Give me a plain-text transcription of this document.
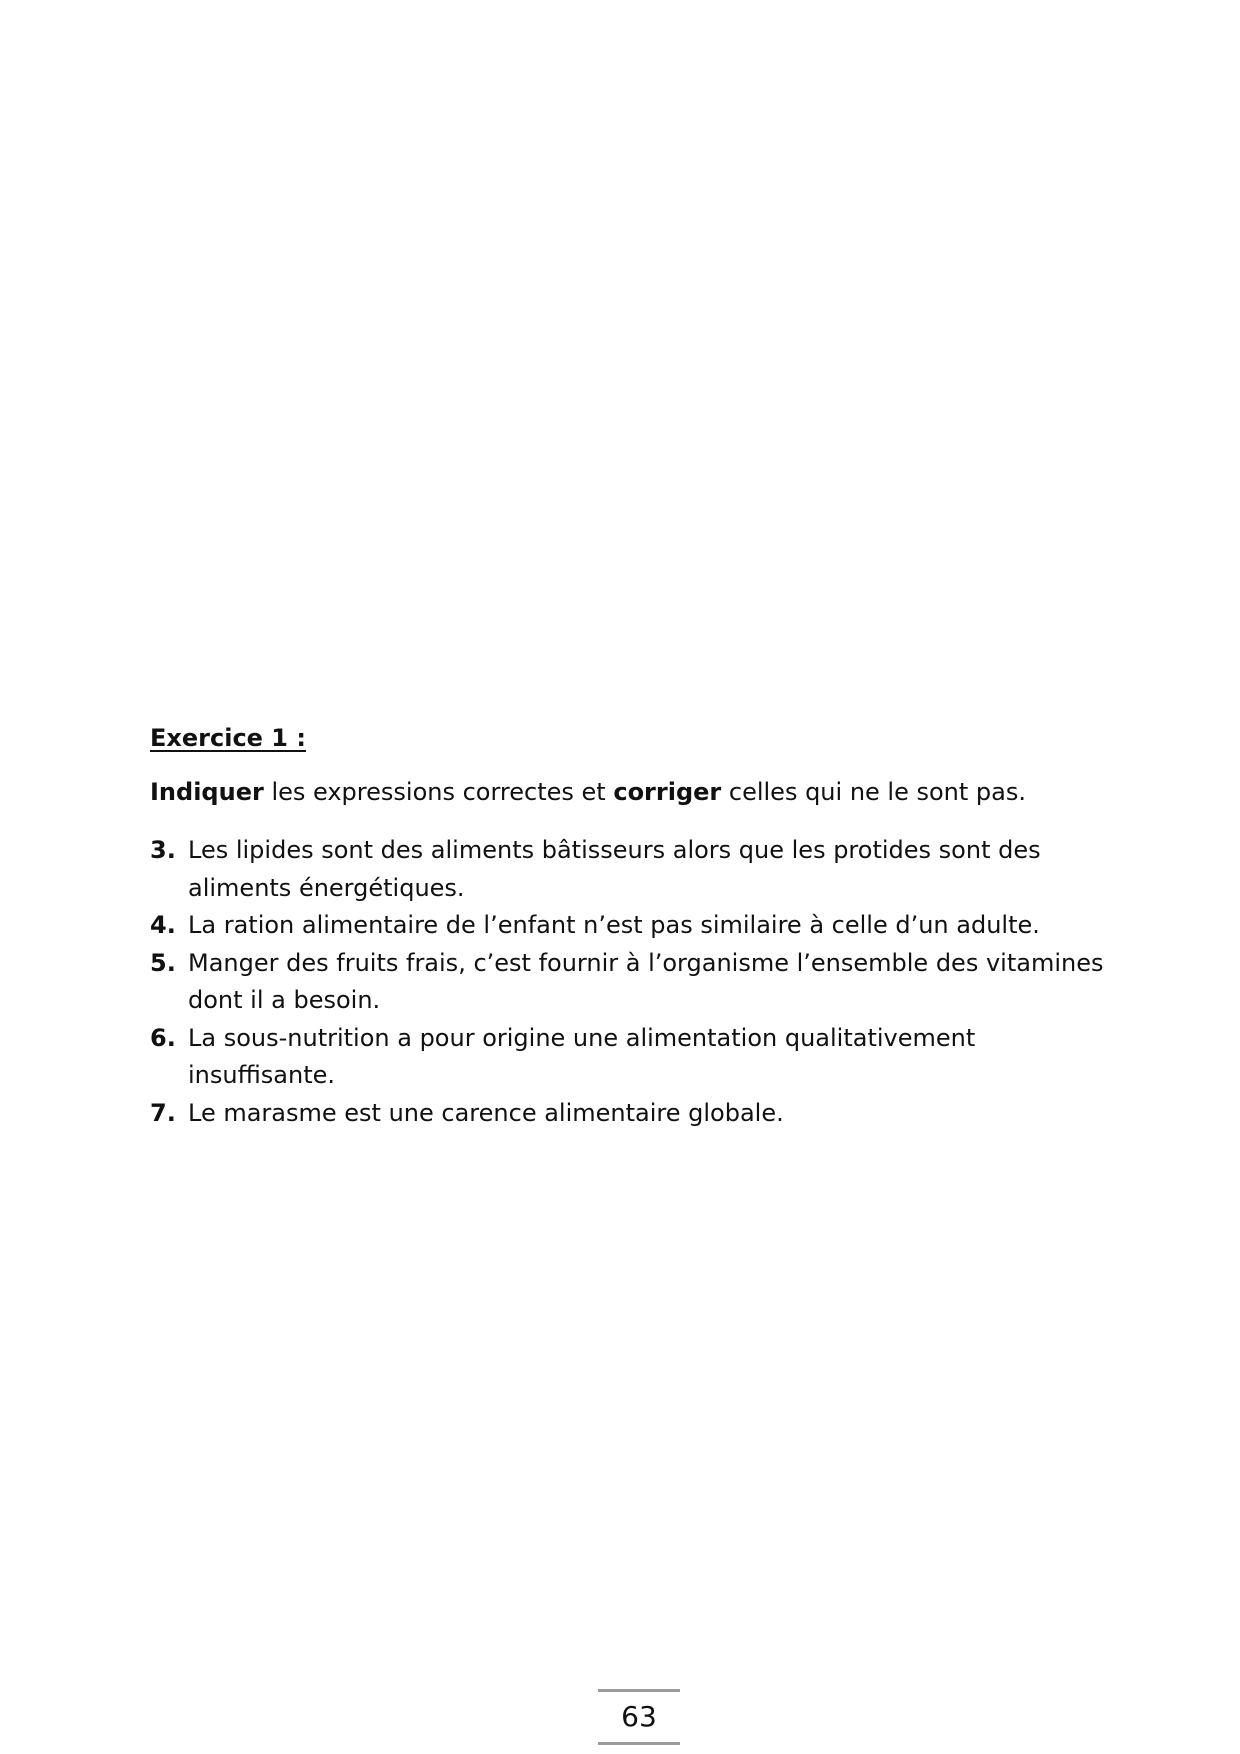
Exercice 1 :

Indiquer les expressions correctes et corriger celles qui ne le sont pas.

3. Les lipides sont des aliments bâtisseurs alors que les protides sont des aliments énergétiques.
4. La ration alimentaire de l’enfant n’est pas similaire à celle d’un adulte.
5. Manger des fruits frais, c’est fournir à l’organisme l’ensemble des vitamines dont il a besoin.
6. La sous-nutrition a pour origine une alimentation qualitativement insuffisante.
7. Le marasme est une carence alimentaire globale.
63
